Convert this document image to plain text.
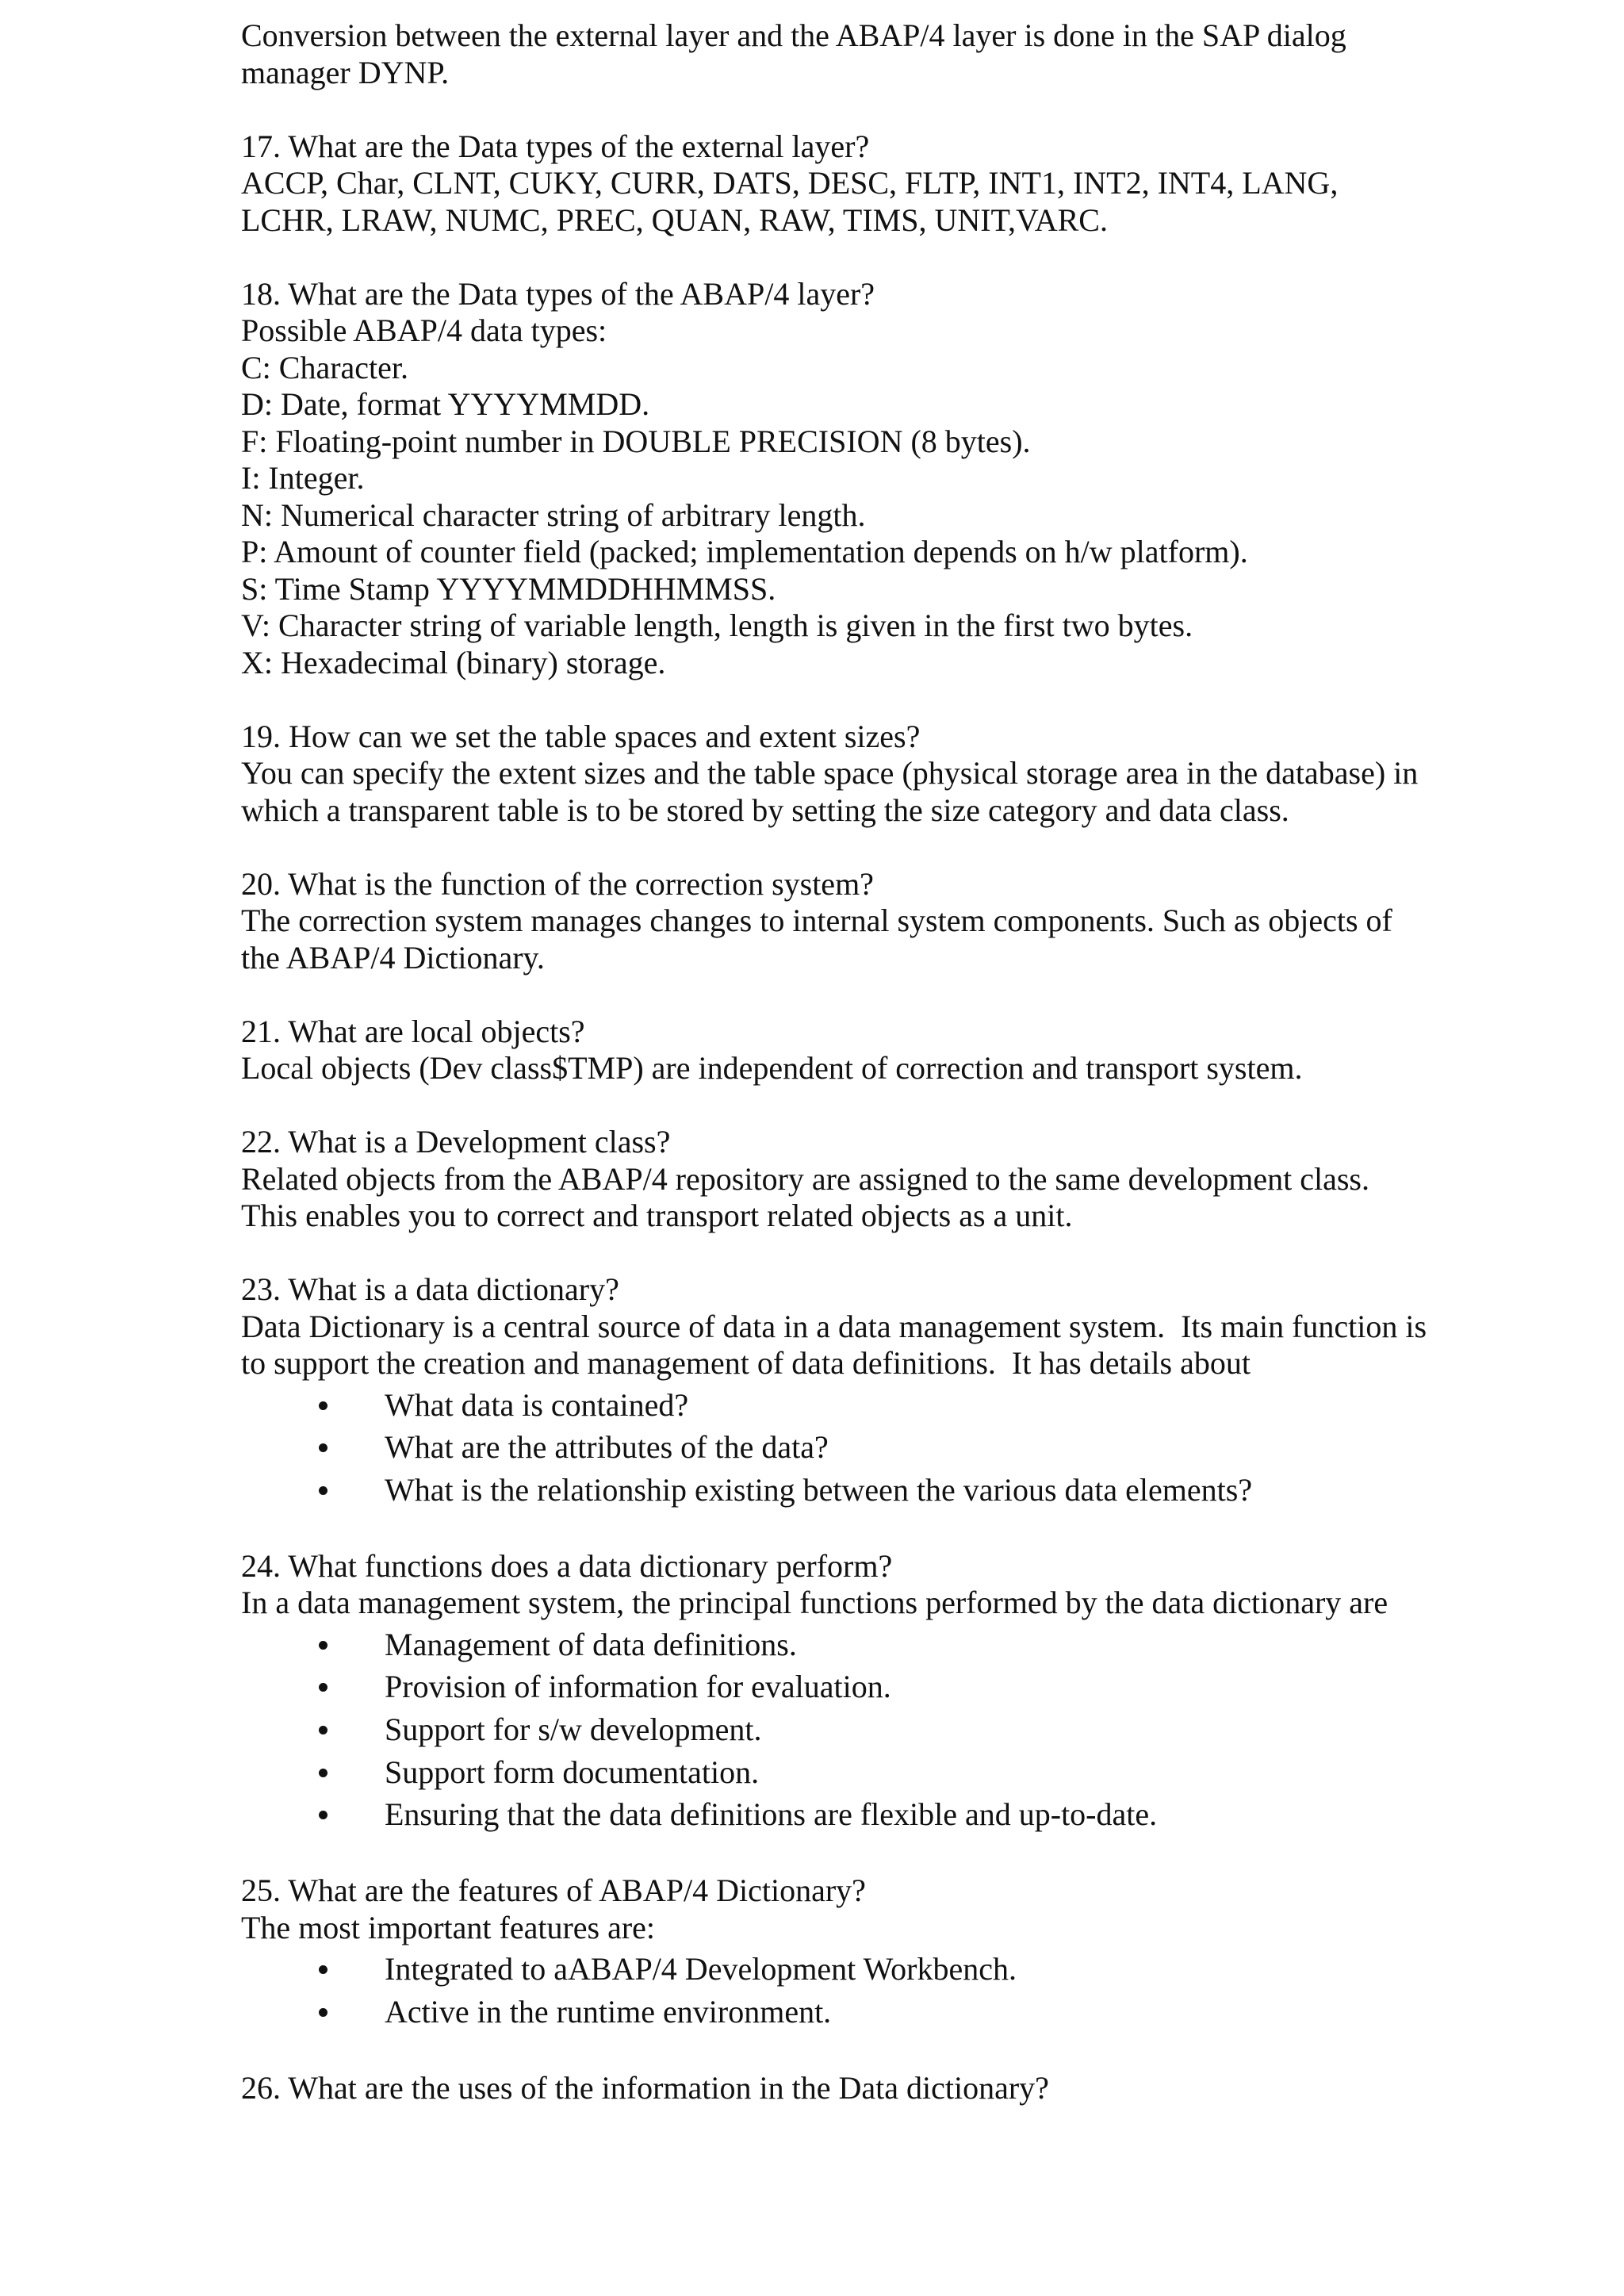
Conversion between the external layer and the ABAP/4 layer is done in the SAP dialog
manager DYNP.
17. What are the Data types of the external layer?
ACCP, Char, CLNT, CUKY, CURR, DATS, DESC, FLTP, INT1, INT2, INT4, LANG,
LCHR, LRAW, NUMC, PREC, QUAN, RAW, TIMS, UNIT,VARC.
18. What are the Data types of the ABAP/4 layer?
Possible ABAP/4 data types:
C: Character.
D: Date, format YYYYMMDD.
F: Floating-point number in DOUBLE PRECISION (8 bytes).
I: Integer.
N: Numerical character string of arbitrary length.
P: Amount of counter field (packed; implementation depends on h/w platform).
S: Time Stamp YYYYMMDDHHMMSS.
V: Character string of variable length, length is given in the first two bytes.
X: Hexadecimal (binary) storage.
19. How can we set the table spaces and extent sizes?
You can specify the extent sizes and the table space (physical storage area in the database) in
which a transparent table is to be stored by setting the size category and data class.
20. What is the function of the correction system?
The correction system manages changes to internal system components. Such as objects of
the ABAP/4 Dictionary.
21. What are local objects?
Local objects (Dev class$TMP) are independent of correction and transport system.
22. What is a Development class?
Related objects from the ABAP/4 repository are assigned to the same development class.
This enables you to correct and transport related objects as a unit.
23. What is a data dictionary?
Data Dictionary is a central source of data in a data management system.  Its main function is
to support the creation and management of data definitions.  It has details about
What data is contained?
What are the attributes of the data?
What is the relationship existing between the various data elements?
24. What functions does a data dictionary perform?
In a data management system, the principal functions performed by the data dictionary are
Management of data definitions.
Provision of information for evaluation.
Support for s/w development.
Support form documentation.
Ensuring that the data definitions are flexible and up-to-date.
25. What are the features of ABAP/4 Dictionary?
The most important features are:
Integrated to aABAP/4 Development Workbench.
Active in the runtime environment.
26. What are the uses of the information in the Data dictionary?
